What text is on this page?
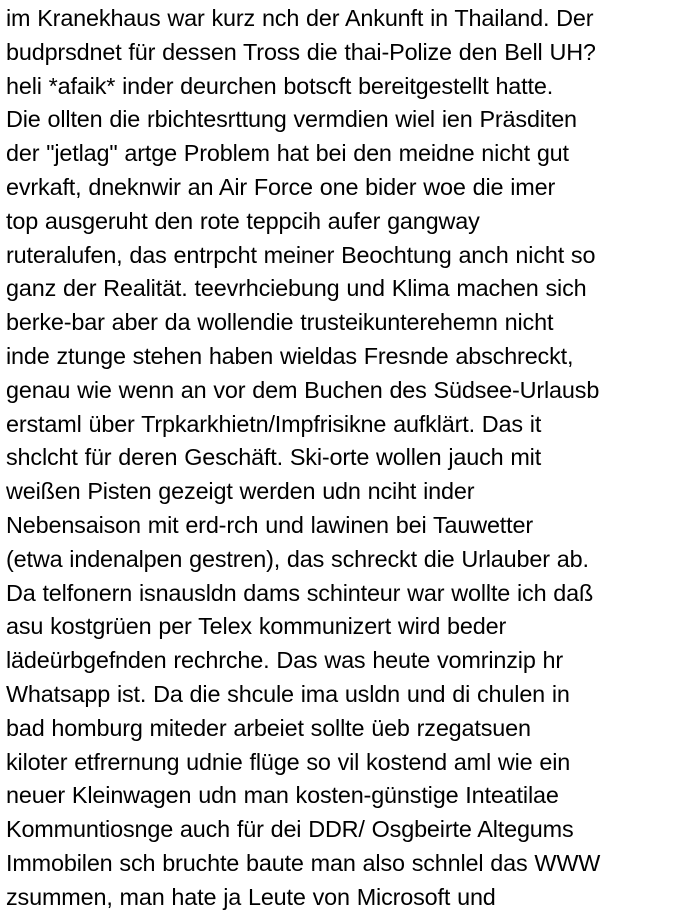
im Kranekhaus war kurz nch der Ankunft in Thailand. Der
budprsdnet für dessen Tross die thai-Polize den Bell UH?
heli *afaik* inder deurchen botscft bereitgestellt hatte.
Die ollten die rbichtesrttung vermdien wiel ien Präsditen
der "jetlag" artge Problem hat bei den meidne nicht gut
evrkaft, dneknwir an Air Force one bider woe die imer
top ausgeruht den rote teppcih aufer gangway
ruteralufen, das entrpcht meiner Beochtung anch nicht so
ganz der Realität. teevrhciebung und Klima machen sich
berke-bar aber da wollendie trusteikunterehemn nicht
inde ztunge stehen haben wieldas Fresnde abschreckt,
genau wie wenn an vor dem Buchen des Südsee-Urlausb
erstaml über Trpkarkhietn/Impfrisikne aufklärt. Das it
shclcht für deren Geschäft. Ski-orte wollen jauch mit
weißen Pisten gezeigt werden udn nciht inder
Nebensaison mit erd-rch und lawinen bei Tauwetter
(etwa indenalpen gestren), das schreckt die Urlauber ab.
Da telfonern isnausldn dams schinteur war wollte ich daß
asu kostgrüen per Telex kommunizert wird beder
lädeürbgefnden rechrche. Das was heute vomrinzip hr
Whatsapp ist. Da die shcule ima usldn und di chulen in
bad homburg miteder arbeiet sollte üeb rzegatsuen
kiloter etfrernung udnie flüge so vil kostend aml wie ein
neuer Kleinwagen udn man kosten-günstige Inteatilae
Kommuntiosnge auch für dei DDR/ Osgbeirte Altegums
Immobilen sch bruchte baute man also schnlel das WWW
zsummen, man hate ja Leute von Microsoft und
